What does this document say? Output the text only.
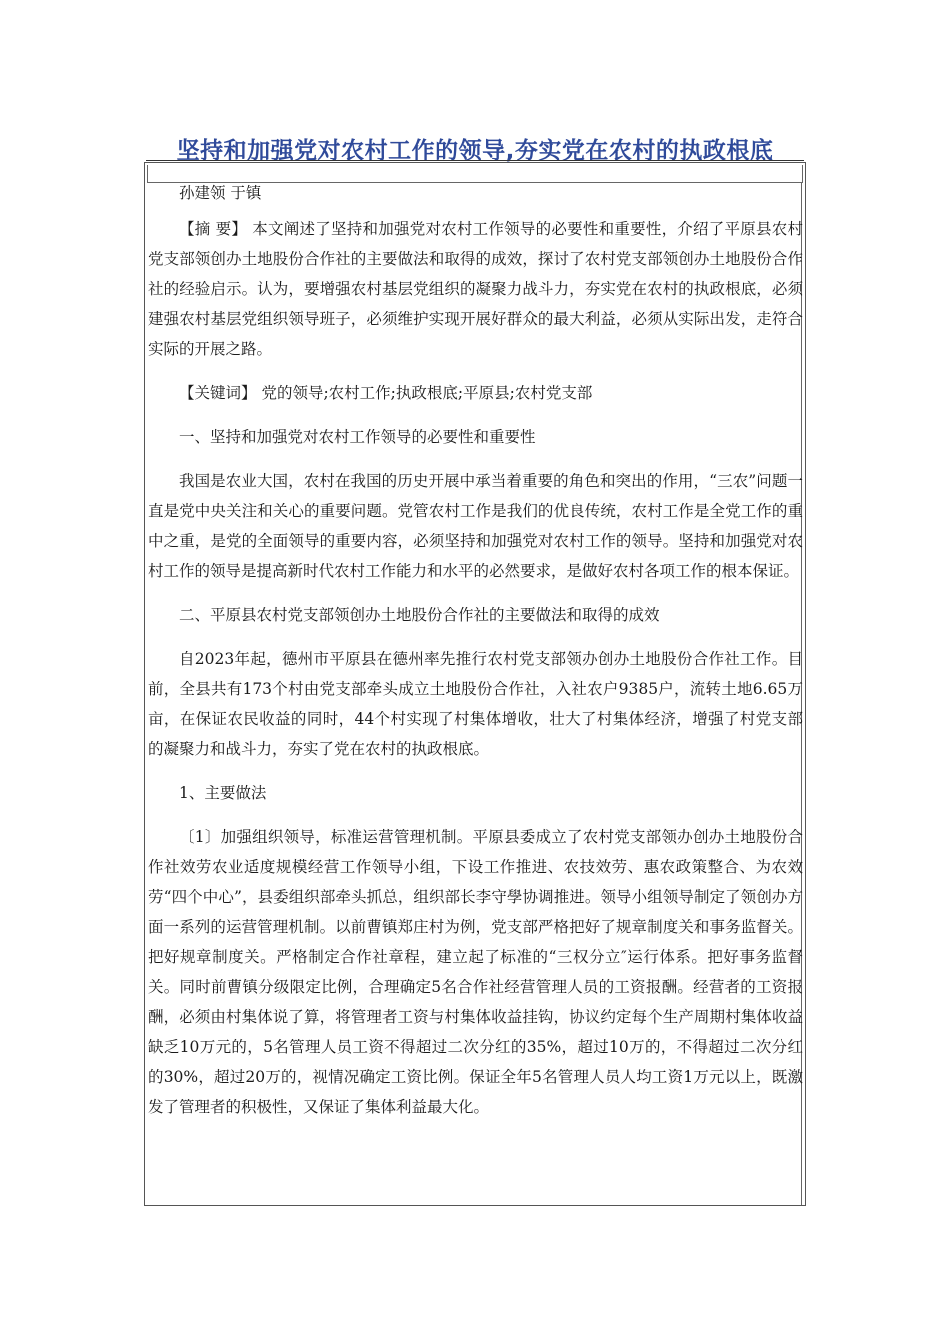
坚持和加强党对农村工作的领导,夯实党在农村的执政根底

孙建领 于镇

【摘 要】 本文阐述了坚持和加强党对农村工作领导的必要性和重要性，介绍了平原县农村党支部领创办土地股份合作社的主要做法和取得的成效，探讨了农村党支部领创办土地股份合作社的经验启示。认为，要增强农村基层党组织的凝聚力战斗力，夯实党在农村的执政根底，必须建强农村基层党组织领导班子，必须维护实现开展好群众的最大利益，必须从实际出发，走符合实际的开展之路。

【关键词】 党的领导;农村工作;执政根底;平原县;农村党支部

一、坚持和加强党对农村工作领导的必要性和重要性

我国是农业大国，农村在我国的历史开展中承当着重要的角色和突出的作用，“三农”问题一直是党中央关注和关心的重要问题。党管农村工作是我们的优良传统，农村工作是全党工作的重中之重，是党的全面领导的重要内容，必须坚持和加强党对农村工作的领导。坚持和加强党对农村工作的领导是提高新时代农村工作能力和水平的必然要求，是做好农村各项工作的根本保证。

二、平原县农村党支部领创办土地股份合作社的主要做法和取得的成效

自2023年起，德州市平原县在德州率先推行农村党支部领办创办土地股份合作社工作。目前，全县共有173个村由党支部牵头成立土地股份合作社，入社农户9385户，流转土地6.65万亩，在保证农民收益的同时，44个村实现了村集体增收，壮大了村集体经济，增强了村党支部的凝聚力和战斗力，夯实了党在农村的执政根底。

1、主要做法

〔1〕加强组织领导，标准运营管理机制。平原县委成立了农村党支部领办创办土地股份合作社效劳农业适度规模经营工作领导小组，下设工作推进、农技效劳、惠农政策整合、为农效劳“四个中心”，县委组织部牵头抓总，组织部长李守學协调推进。领导小组领导制定了领创办方面一系列的运营管理机制。以前曹镇郑庄村为例，党支部严格把好了规章制度关和事务监督关。把好规章制度关。严格制定合作社章程，建立起了标准的“三权分立″运行体系。把好事务监督关。同时前曹镇分级限定比例，合理确定5名合作社经营管理人员的工资报酬。经营者的工资报酬，必须由村集体说了算，将管理者工资与村集体收益挂钩，协议约定每个生产周期村集体收益缺乏10万元的，5名管理人员工资不得超过二次分红的35%，超过10万的，不得超过二次分红的30%，超过20万的，视情况确定工资比例。保证全年5名管理人员人均工资1万元以上，既激发了管理者的积极性，又保证了集体利益最大化。
